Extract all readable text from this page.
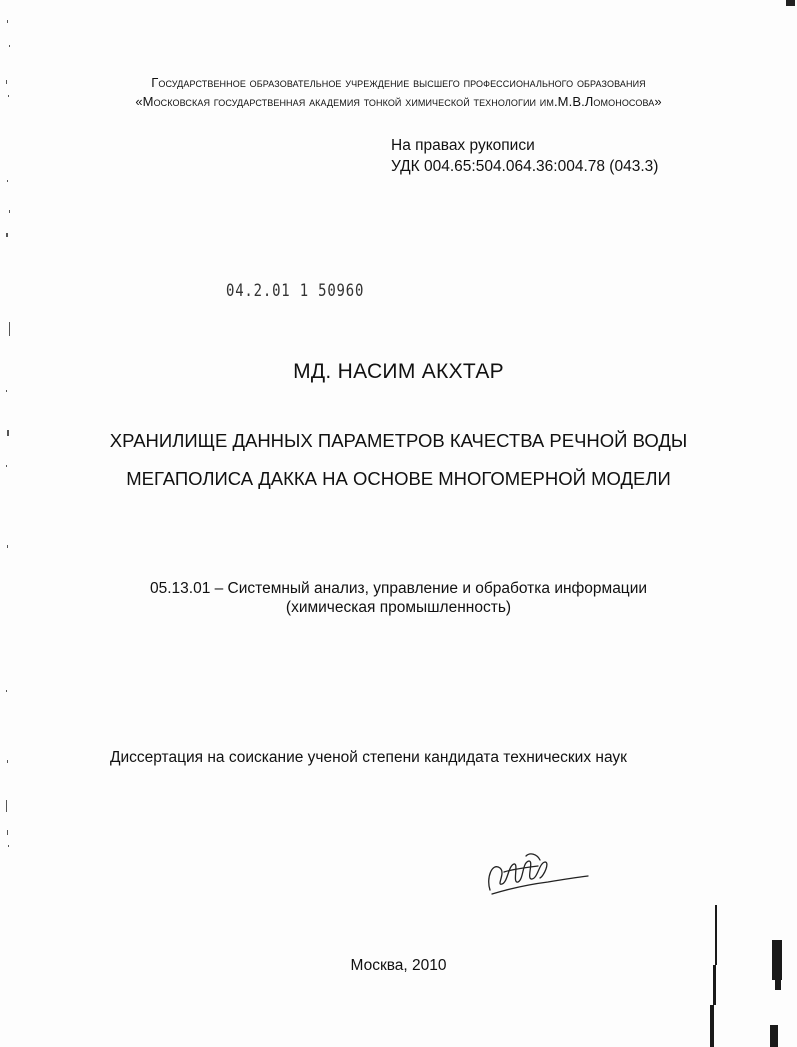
Государственное образовательное учреждение высшего профессионального образования
«Московская государственная академия тонкой химической технологии им.М.В.Ломоносова»
На правах рукописи
УДК 004.65:504.064.36:004.78 (043.3)
04.2.01 1 50960
МД. НАСИМ АКХТАР
ХРАНИЛИЩЕ ДАННЫХ ПАРАМЕТРОВ КАЧЕСТВА РЕЧНОЙ ВОДЫ
МЕГАПОЛИСА ДАККА НА ОСНОВЕ МНОГОМЕРНОЙ МОДЕЛИ
05.13.01 – Системный анализ, управление и обработка информации
(химическая промышленность)
Диссертация на соискание ученой степени кандидата технических наук
Москва, 2010
